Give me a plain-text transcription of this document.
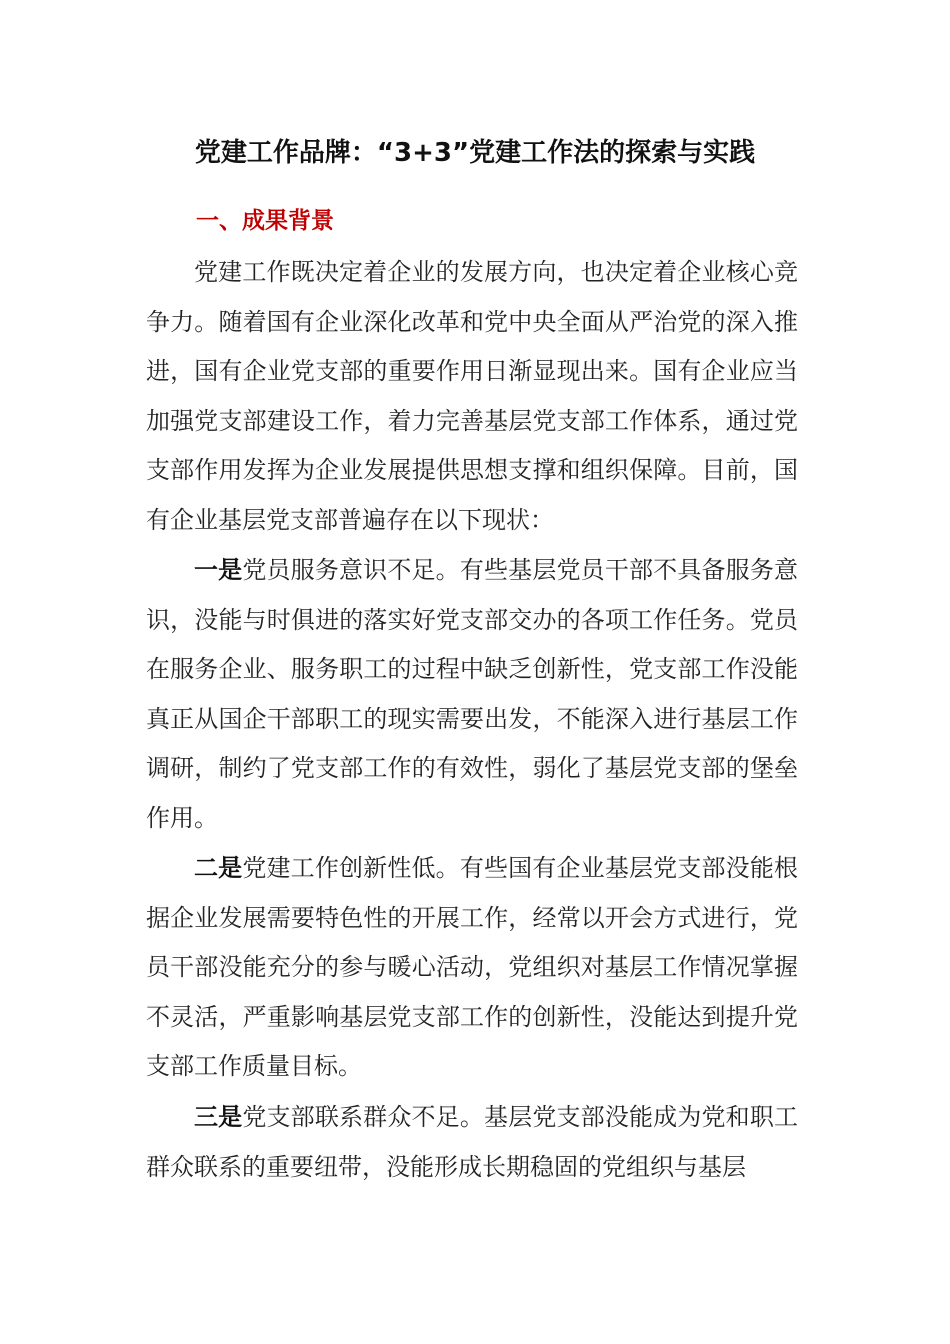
党建工作品牌：“3+3”党建工作法的探索与实践
一、成果背景

党建工作既决定着企业的发展方向，也决定着企业核心竞争力。随着国有企业深化改革和党中央全面从严治党的深入推进，国有企业党支部的重要作用日渐显现出来。国有企业应当加强党支部建设工作，着力完善基层党支部工作体系，通过党支部作用发挥为企业发展提供思想支撑和组织保障。目前，国有企业基层党支部普遍存在以下现状：

一是党员服务意识不足。有些基层党员干部不具备服务意识，没能与时俱进的落实好党支部交办的各项工作任务。党员在服务企业、服务职工的过程中缺乏创新性，党支部工作没能真正从国企干部职工的现实需要出发，不能深入进行基层工作调研，制约了党支部工作的有效性，弱化了基层党支部的堡垒作用。

二是党建工作创新性低。有些国有企业基层党支部没能根据企业发展需要特色性的开展工作，经常以开会方式进行，党员干部没能充分的参与暖心活动，党组织对基层工作情况掌握不灵活，严重影响基层党支部工作的创新性，没能达到提升党支部工作质量目标。

三是党支部联系群众不足。基层党支部没能成为党和职工群众联系的重要纽带，没能形成长期稳固的党组织与基层
